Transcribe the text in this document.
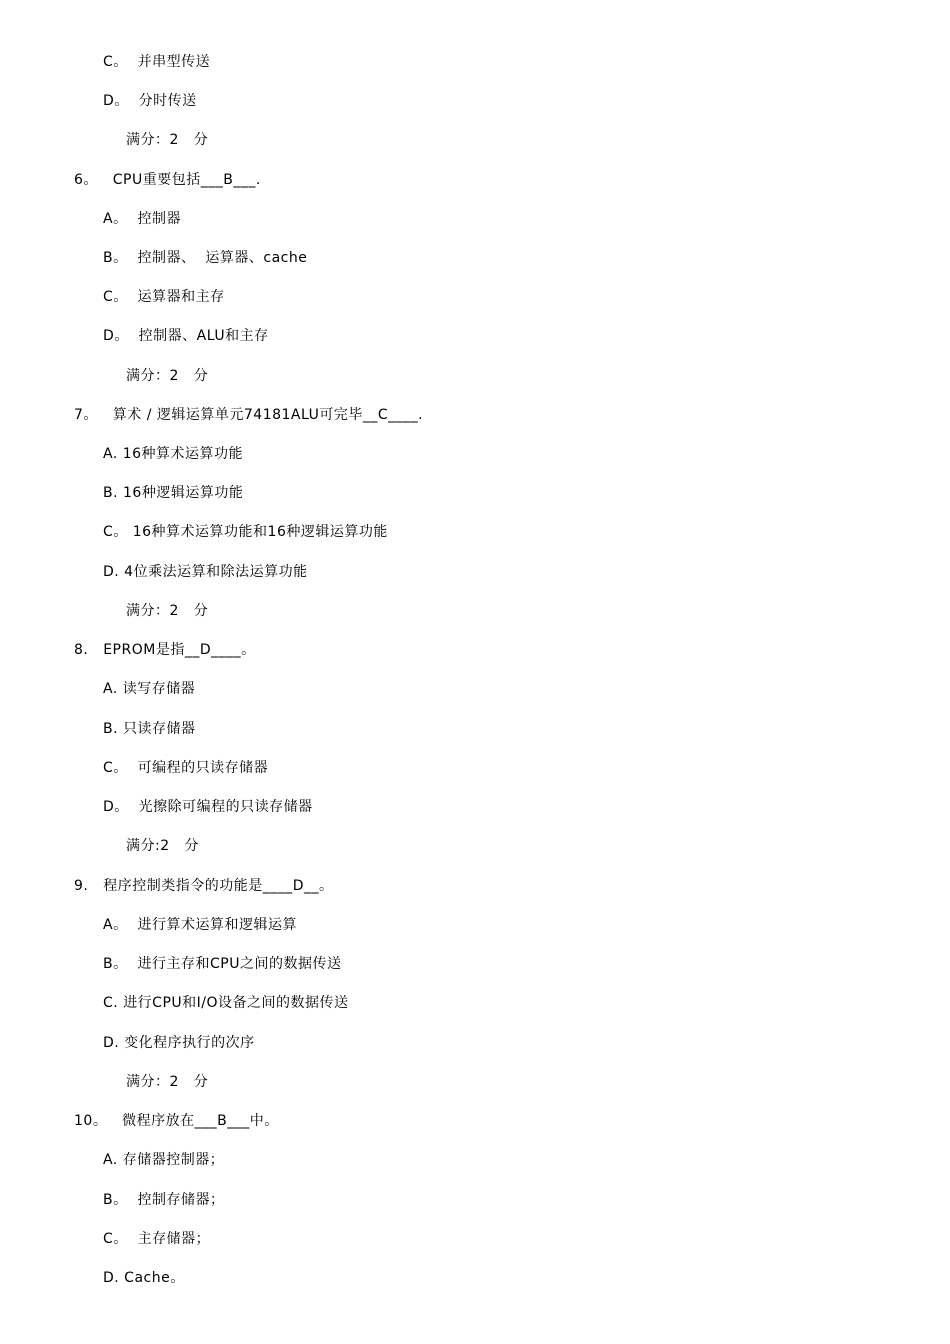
C。  并串型传送
D。  分时传送
满分：2   分
6。   CPU重要包括___B___.
A。  控制器
B。  控制器、  运算器、cache
C。  运算器和主存
D。  控制器、ALU和主存
满分：2   分
7。   算术 / 逻辑运算单元74181ALU可完毕__C____.
A. 16种算术运算功能
B. 16种逻辑运算功能
C。 16种算术运算功能和16种逻辑运算功能
D. 4位乘法运算和除法运算功能
满分：2   分
8.   EPROM是指__D____。
A. 读写存储器
B. 只读存储器
C。  可编程的只读存储器
D。  光擦除可编程的只读存储器
满分:2   分
9.   程序控制类指令的功能是____D__。
A。  进行算术运算和逻辑运算
B。  进行主存和CPU之间的数据传送
C. 进行CPU和I/O设备之间的数据传送
D. 变化程序执行的次序
满分：2   分
10。   微程序放在___B___中。
A. 存储器控制器；
B。  控制存储器；
C。  主存储器；
D. Cache。
